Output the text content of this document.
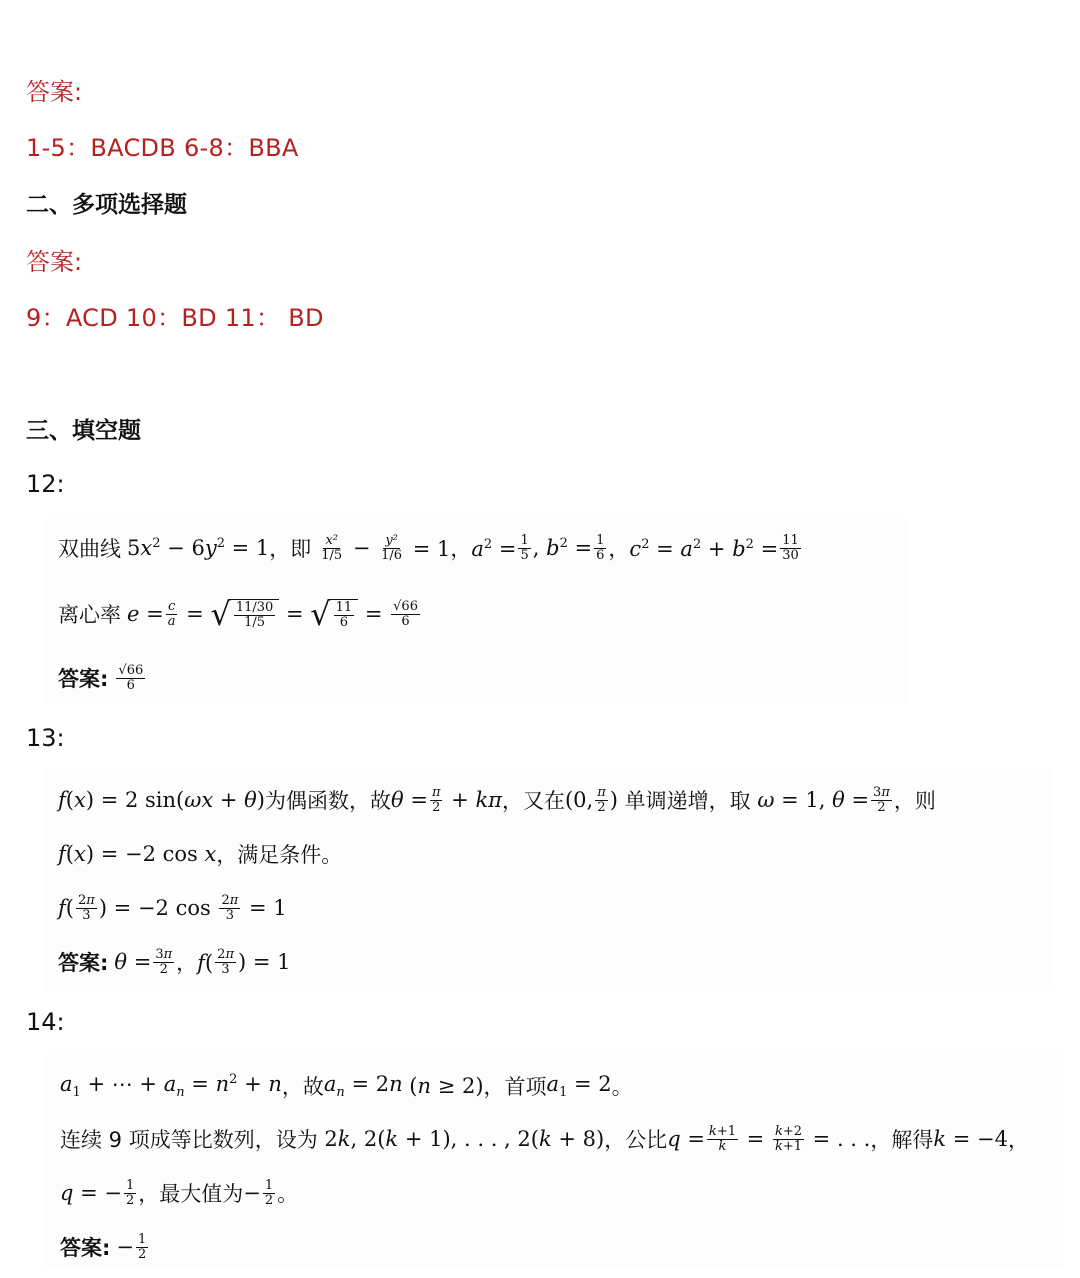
答案:
1-5：BACDB 6-8：BBA
二、多项选择题
答案:
9：ACD 10：BD 11： BD
三、填空题
12:
双曲线 $5x^2 - 6y^2 = 1$ ，即 $\frac{\text{x²}}{1/5} - \frac{\text{y²}}{1/6} = 1$，$a^2 = \frac{1}{5}$ , $b^2 = \frac{1}{6}$ ，$c^2 = a^2 + b^2 = \frac{11}{30}$
离心率 $e = \frac{c}{a}$ = √ $\frac{11/30}{1/5}$ = √ $\frac{11}{6} = \frac{√66}{6}$
答案: $\frac{√66}{6}$
13:
f(x) = 2 sin(ωx + θ) 为偶函数，故 $\theta = \frac{\pi}{2} + k\pi$ ，又在 (0, $\frac{\pi}{2}$ ) 单调递增，取 ω = 1, $\theta = \frac{3\pi}{2}$ ，则
f(x) = −2 cos x ，满足条件。
$f( \frac{2\pi}{3}$ ) = −2 $\cos \frac{2\pi}{3} = 1$
答案: $\theta = \frac{3\pi}{2}$ ，$f( \frac{2\pi}{3}$ ) = 1
14:
$a_1$ + ⋯ + $a_n = n^2 + n$ ，故 $a_n = 2n$ (n ≥ 2) ，首项 $a_1 = 2$ 。
连续 9 项成等比数列，设为 2k, 2(k + 1), . . . , 2(k + 8) ，公比 $q = \frac{k+1}{k} = \frac{k+2}{k+1}$ = . . . ，解得 k = −4 ，
q = − $\frac{1}{2}$ ，最大值为 − $\frac{1}{2}$ 。
答案: − $\frac{1}{2}$
